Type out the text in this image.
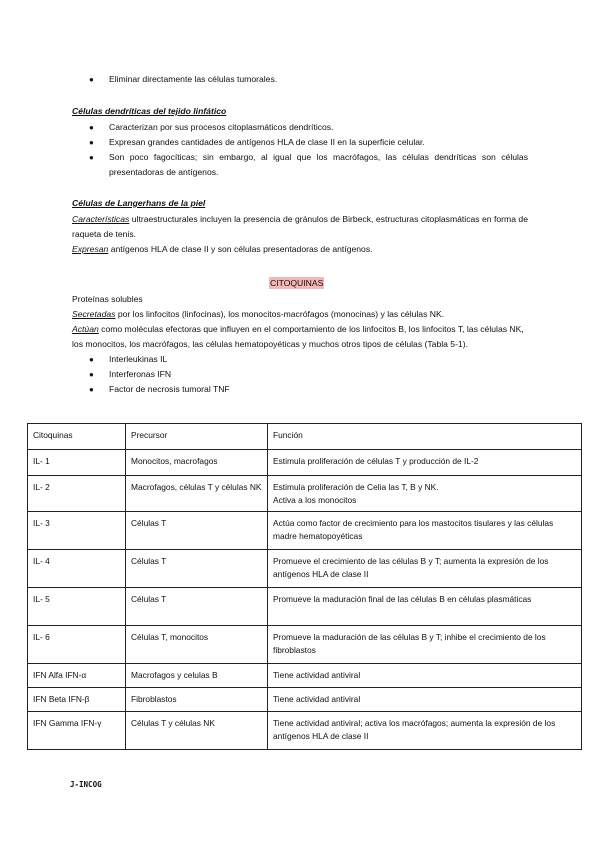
● Eliminar directamente las células tumorales.
Células dendríticas del tejido linfático
● Caracterizan por sus procesos citoplasmáticos dendríticos.
● Expresan grandes cantidades de antígenos HLA de clase II en la superficie celular.
● Son poco fagocíticas; sin embargo, al igual que los macrófagos, las células dendríticas son células presentadoras de antígenos.
Células de Langerhans de la piel
Características ultraestructurales incluyen la presencia de gránulos de Birbeck, estructuras citoplasmáticas en forma de raqueta de tenis.
Expresan antígenos HLA de clase II y son células presentadoras de antígenos.
CITOQUINAS
Proteínas solubles
Secretadas por los linfocitos (linfocinas), los monocitos-macrófagos (monocinas) y las células NK.
Actúan como moléculas efectoras que influyen en el comportamiento de los linfocitos B, los linfocitos T, las células NK, los monocitos, los macrófagos, las células hematopoyéticas y muchos otros tipos de células (Tabla 5-1).
● Interleukinas IL
● Interferonas IFN
● Factor de necrosis tumoral TNF
Citoquinas	Precursor	Función
IL- 1	Monocitos, macrofagos	Estimula proliferación de células T y producción de IL-2
IL- 2	Macrofagos, células T y células NK	Estimula proliferación de Celia las T, B y NK.
Activa a los monocitos
IL- 3	Células T	Actúa como factor de crecimiento para los mastocitos tisulares y las células madre hematopoyéticas
IL- 4	Células T	Promueve el crecimiento de las células B y T; aumenta la expresión de los antígenos HLA de clase II
IL- 5	Células T	Promueve la maduración final de las células B en células plasmáticas
IL- 6	Células T, monocitos	Promueve la maduración de las células B y T; inhibe el crecimiento de los fibroblastos
IFN Alfa IFN-α	Macrofagos y celulas B	Tiene actividad antiviral
IFN Beta IFN-β	Fibroblastos	Tiene actividad antiviral
IFN Gamma IFN-γ	Células T y células NK	Tiene actividad antiviral; activa los macrófagos; aumenta la expresión de los antígenos HLA de clase II
J-INCOG
